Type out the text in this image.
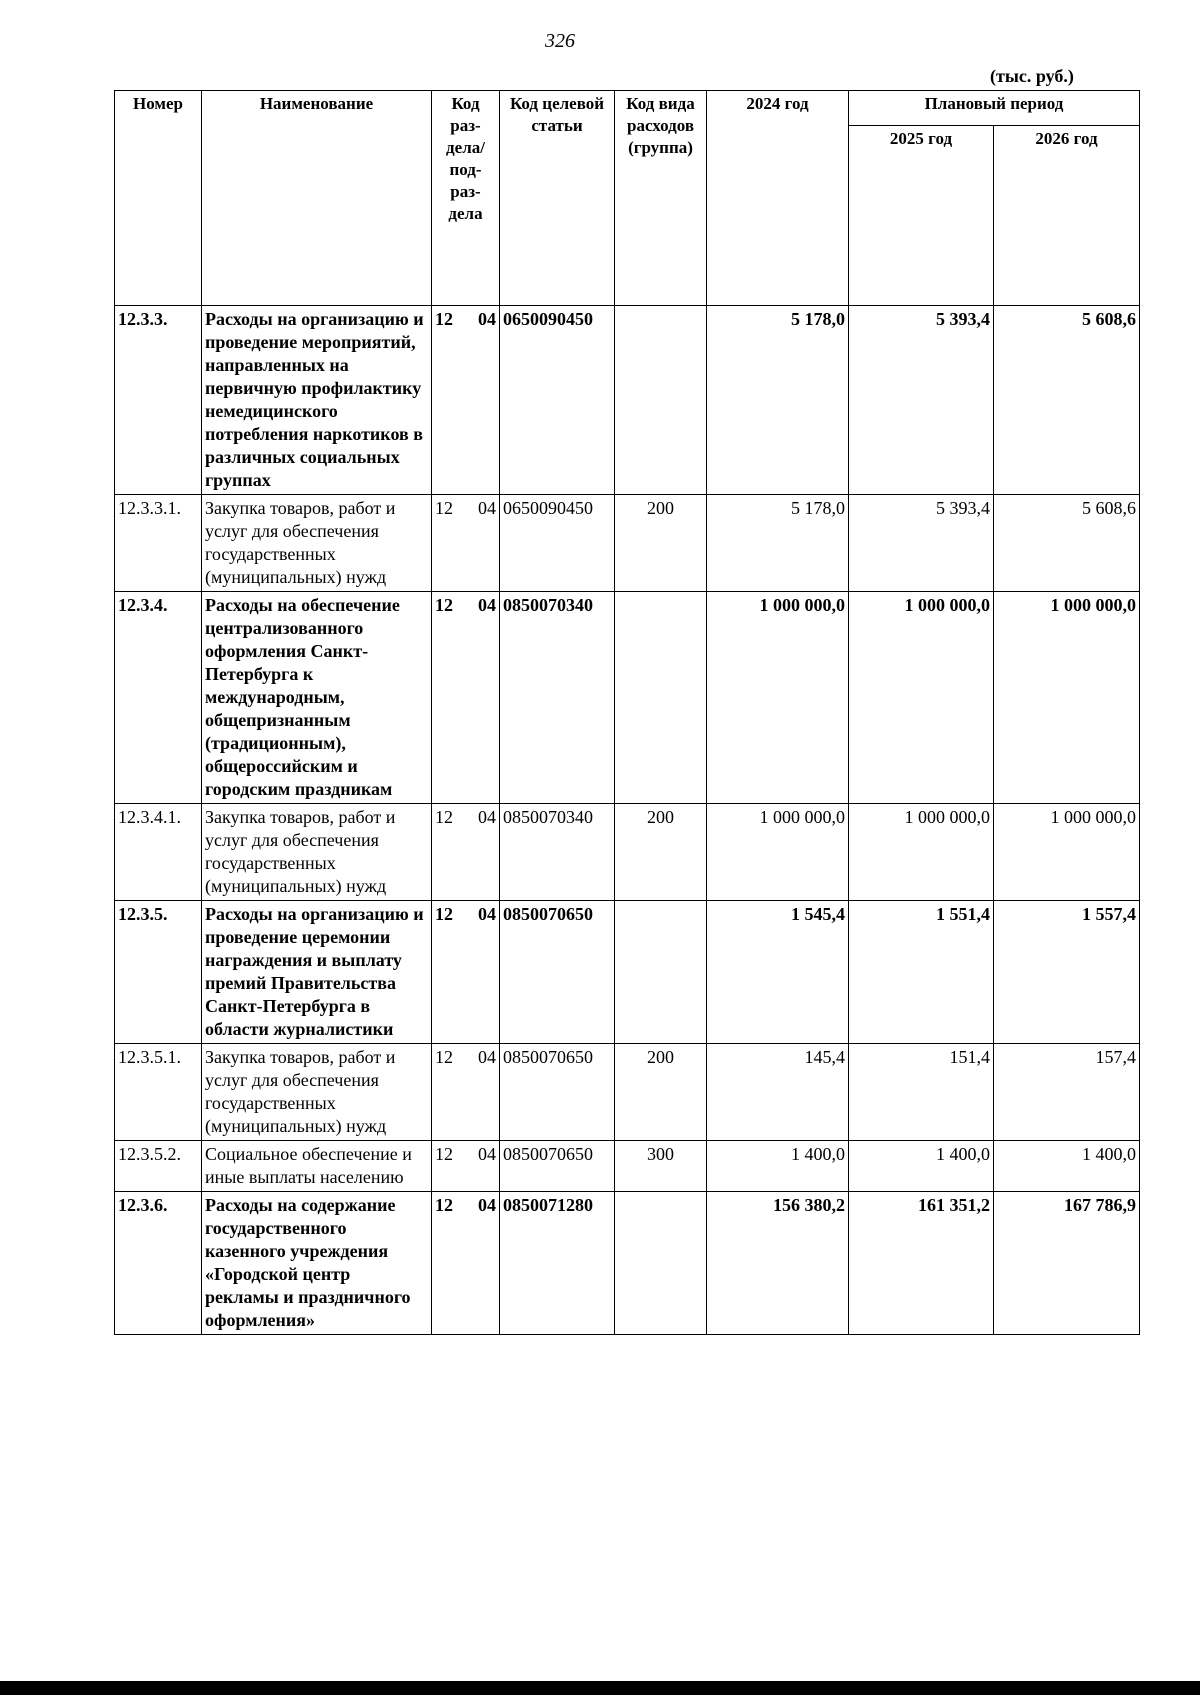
326
(тыс. руб.)
Номер	Наименование	Код раз-дела/ под-раз-дела	Код целевой статьи	Код вида расходов (группа)	2024 год	Плановый период	
						2025 год	2026 год
12.3.3.	Расходы на организацию и проведение мероприятий, направленных на первичную профилактику немедицинского потребления наркотиков в различных социальных группах	12 04	0650090450		5 178,0	5 393,4	5 608,6
12.3.3.1.	Закупка товаров, работ и услуг для обеспечения государственных (муниципальных) нужд	12 04	0650090450	200	5 178,0	5 393,4	5 608,6
12.3.4.	Расходы на обеспечение централизованного оформления Санкт-Петербурга к международным, общепризнанным (традиционным), общероссийским и городским праздникам	12 04	0850070340		1 000 000,0	1 000 000,0	1 000 000,0
12.3.4.1.	Закупка товаров, работ и услуг для обеспечения государственных (муниципальных) нужд	12 04	0850070340	200	1 000 000,0	1 000 000,0	1 000 000,0
12.3.5.	Расходы на организацию и проведение церемонии награждения и выплату премий Правительства Санкт-Петербурга в области журналистики	12 04	0850070650		1 545,4	1 551,4	1 557,4
12.3.5.1.	Закупка товаров, работ и услуг для обеспечения государственных (муниципальных) нужд	12 04	0850070650	200	145,4	151,4	157,4
12.3.5.2.	Социальное обеспечение и иные выплаты населению	12 04	0850070650	300	1 400,0	1 400,0	1 400,0
12.3.6.	Расходы на содержание государственного казенного учреждения «Городской центр рекламы и праздничного оформления»	12 04	0850071280		156 380,2	161 351,2	167 786,9
